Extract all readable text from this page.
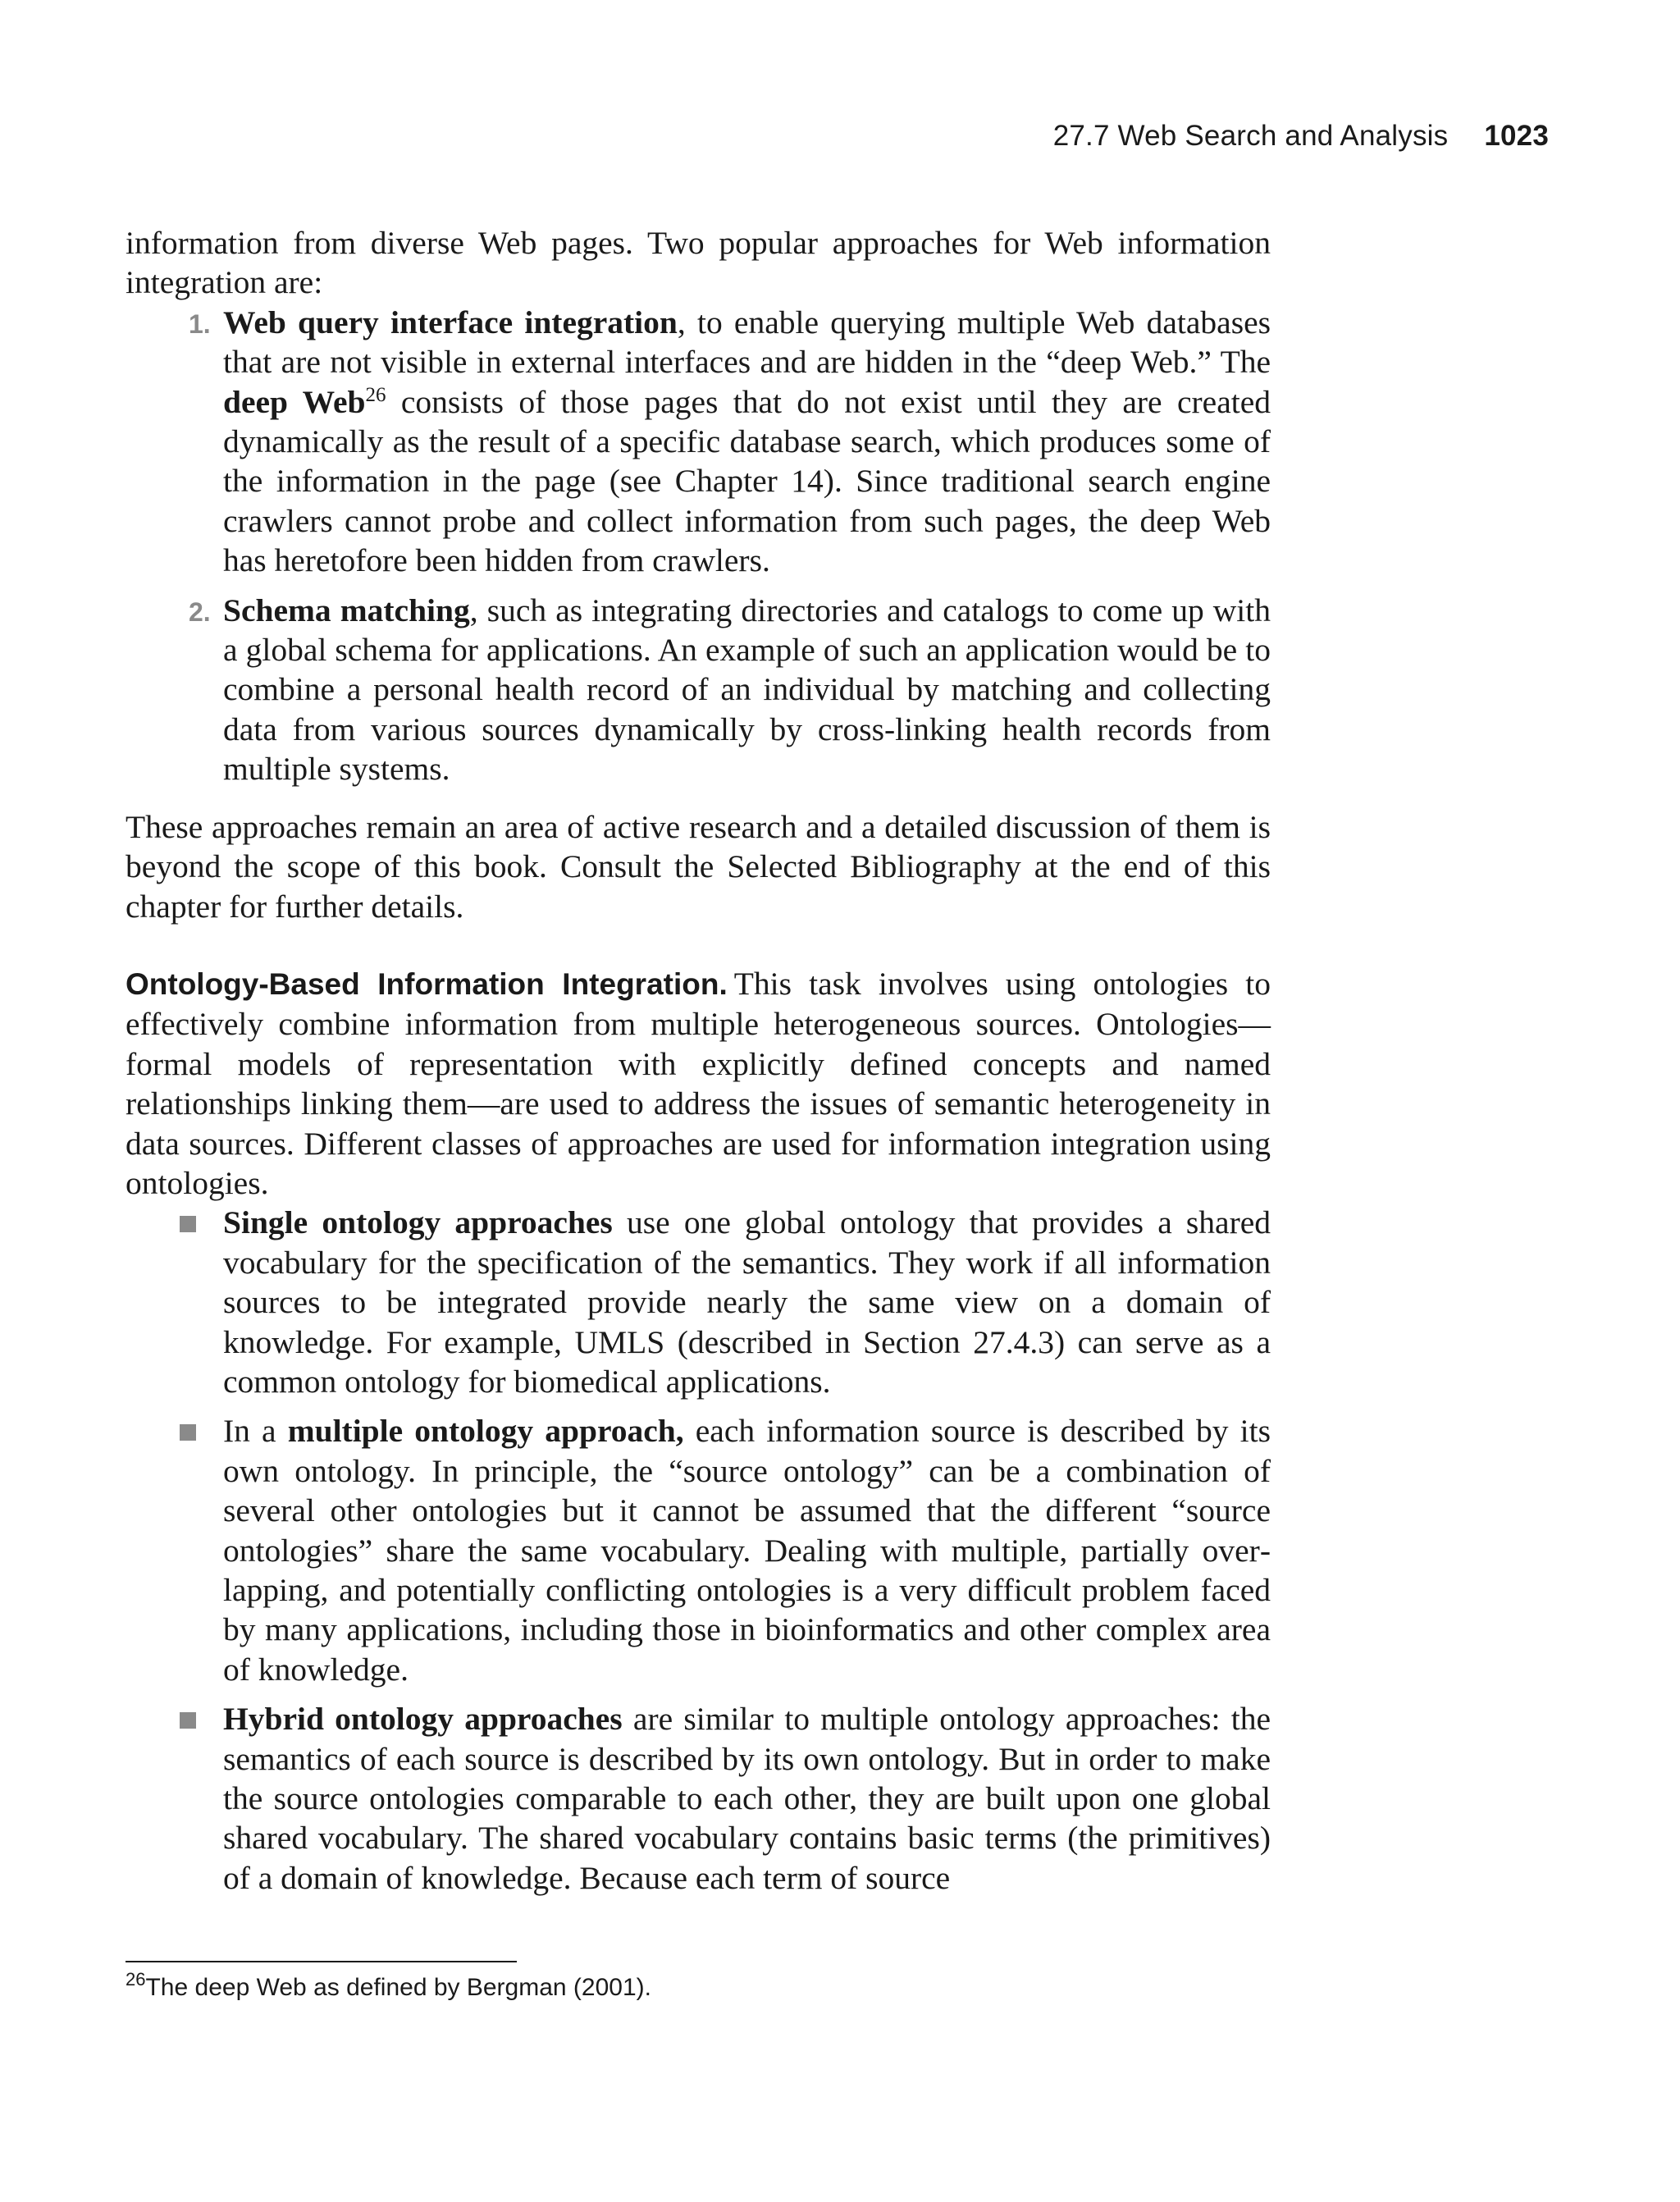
27.7 Web Search and Analysis 1023

information from diverse Web pages. Two popular approaches for Web information integration are:

1. Web query interface integration, to enable querying multiple Web databases that are not visible in external interfaces and are hidden in the “deep Web.” The deep Web$^{26}$ consists of those pages that do not exist until they are created dynamically as the result of a specific database search, which produces some of the information in the page (see Chapter 14). Since traditional search engine crawlers cannot probe and collect information from such pages, the deep Web has heretofore been hidden from crawlers.
2. Schema matching, such as integrating directories and catalogs to come up with a global schema for applications. An example of such an application would be to combine a personal health record of an individual by matching and collecting data from various sources dynamically by cross-linking health records from multiple systems.

These approaches remain an area of active research and a detailed discussion of them is beyond the scope of this book. Consult the Selected Bibliography at the end of this chapter for further details.

Ontology-Based Information Integration. This task involves using ontologies to effectively combine information from multiple heterogeneous sources. Ontologies—formal models of representation with explicitly defined concepts and named relationships linking them—are used to address the issues of semantic heterogeneity in data sources. Different classes of approaches are used for information integration using ontologies.

Single ontology approaches use one global ontology that provides a shared vocabulary for the specification of the semantics. They work if all information sources to be integrated provide nearly the same view on a domain of knowledge. For example, UMLS (described in Section 27.4.3) can serve as a common ontology for biomedical applications.
In a multiple ontology approach, each information source is described by its own ontology. In principle, the “source ontology” can be a combination of several other ontologies but it cannot be assumed that the different “source ontologies” share the same vocabulary. Dealing with multiple, partially overlapping, and potentially conflicting ontologies is a very difficult problem faced by many applications, including those in bioinformatics and other complex area of knowledge.
Hybrid ontology approaches are similar to multiple ontology approaches: the semantics of each source is described by its own ontology. But in order to make the source ontologies comparable to each other, they are built upon one global shared vocabulary. The shared vocabulary contains basic terms (the primitives) of a domain of knowledge. Because each term of source
$^{26}$The deep Web as defined by Bergman (2001).
